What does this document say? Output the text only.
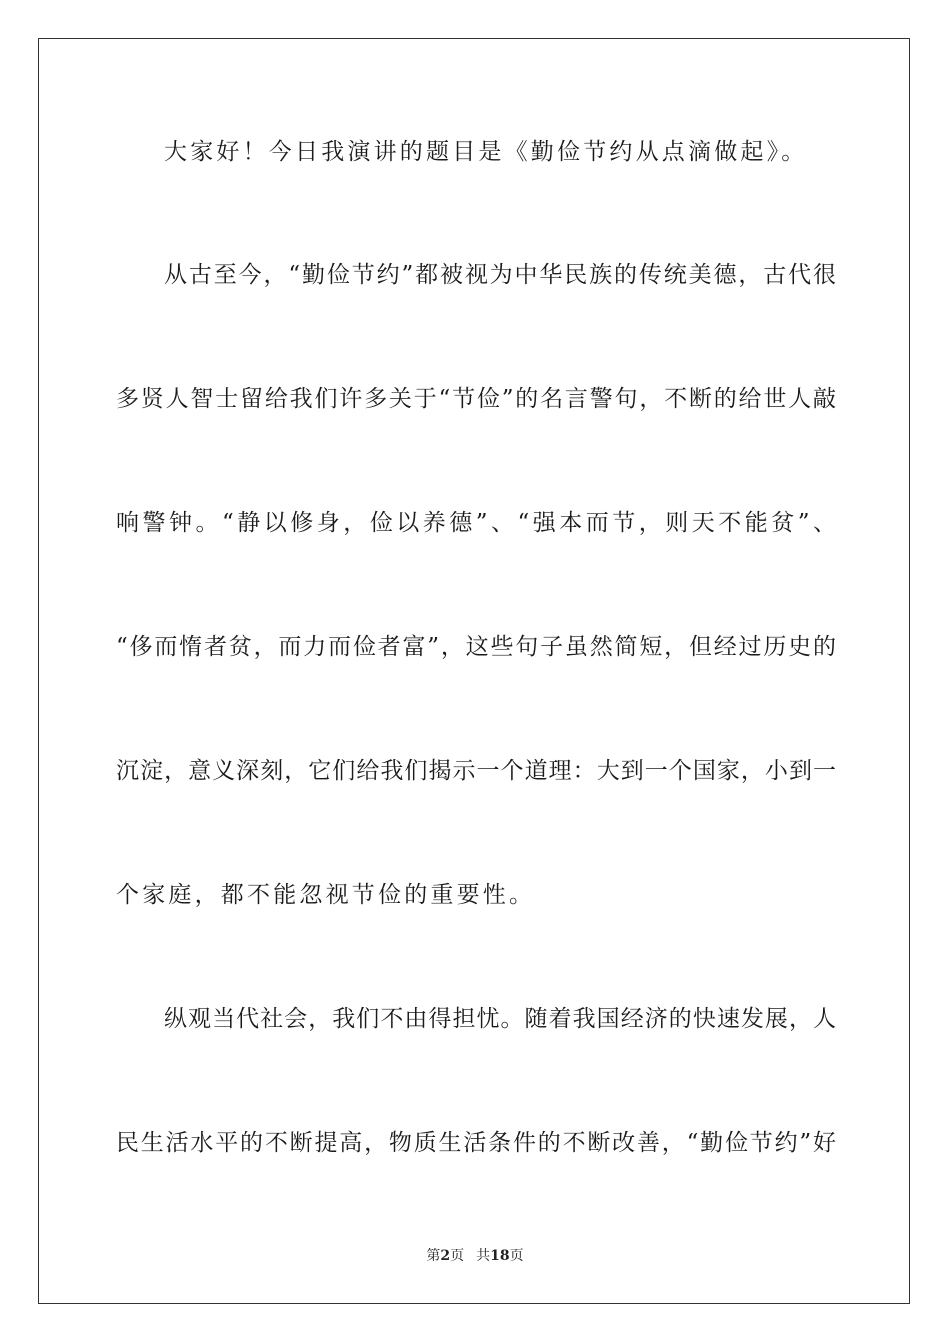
大家好！今日我演讲的题目是《勤俭节约从点滴做起》。
从古至今，“勤俭节约”都被视为中华民族的传统美德，古代很
多贤人智士留给我们许多关于“节俭”的名言警句，不断的给世人敲
响警钟。“静以修身，俭以养德”、“强本而节，则天不能贫”、
“侈而惰者贫，而力而俭者富”，这些句子虽然简短，但经过历史的
沉淀，意义深刻，它们给我们揭示一个道理：大到一个国家，小到一
个家庭，都不能忽视节俭的重要性。
纵观当代社会，我们不由得担忧。随着我国经济的快速发展，人
民生活水平的不断提高，物质生活条件的不断改善，“勤俭节约”好
第2页 共18页
